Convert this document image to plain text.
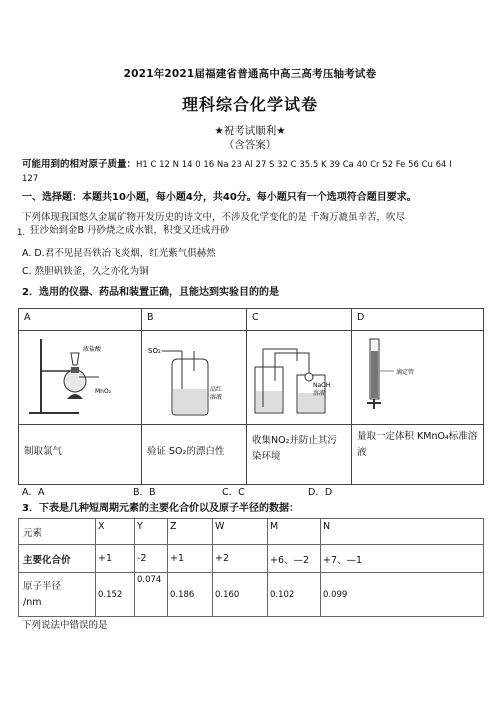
2021年2021届福建省普通高中高三高考压轴考试卷
理科综合化学试卷
★祝考试顺利★
（含答案）
可能用到的相对原子质量：H1 C 12 N 14 0 16 Na 23 Al 27 S 32 C 35.5 K 39 Ca 40 Cr 52 Fe 56 Cu 64 I
127
一、选择题：本题共10小题，每小题4分，共40分。每小题只有一个选项符合题目要求。
下列体现我国悠久金属矿物开发历史的诗文中，不涉及化学变化的是 千淘万漉虽辛苦，吹尽
1. 狂沙始到金B 丹砂烧之成水银，积变又还成丹砂
A. D.君不见昆吾铁冶飞炎烟，红光紫气俱赫然
C. 熬胆矾铁釜，久之亦化为铜
2．选用的仪器、药品和装置正确，且能达到实验目的的是
A	B	C	D

浓盐酸
MnO₂	SO₂
品红
溶液	NaOH
溶液	滴定管

制取氯气	验证 SO₂的漂白性	收集NO₂并防止其污染环境	量取一定体积 KMnO₄标准溶液
A．A	B．B	C．C	D．D
3．下表是几种短周期元素的主要化合价以及原子半径的数据：
元素	X	Y	Z	W	M	N
主要化合价	+1	-2	+1	+2	+6、—2	+7、—1

原子半径
/nm	0.152	0.074	0.186	0.160	0.102	0.099
下列说法中错误的是
